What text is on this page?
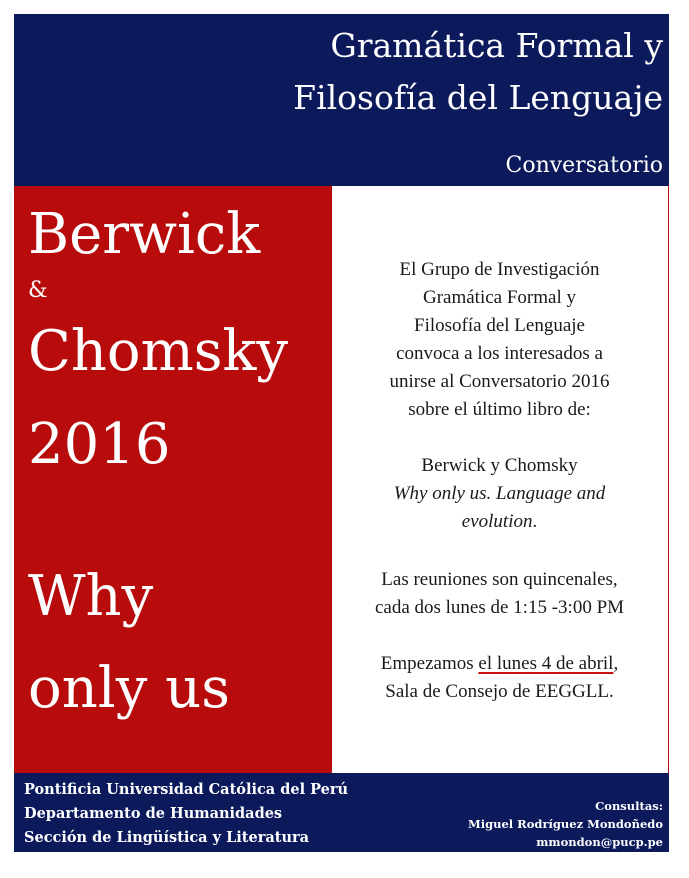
Gramática Formal y
Filosofía del Lenguaje
Conversatorio
Berwick
&
Chomsky
2016
Why
only us
El Grupo de Investigación
Gramática Formal y
Filosofía del Lenguaje
convoca a los interesados a
unirse al Conversatorio 2016
sobre el último libro de:
Berwick y Chomsky
Why only us. Language and
evolution.
Las reuniones son quincenales,
cada dos lunes de 1:15 -3:00 PM
Empezamos el lunes 4 de abril,
Sala de Consejo de EEGGLL.
Pontificia Universidad Católica del Perú
Departamento de Humanidades
Sección de Lingüística y Literatura
Consultas:
Miguel Rodríguez Mondoñedo
mmondon@pucp.pe
